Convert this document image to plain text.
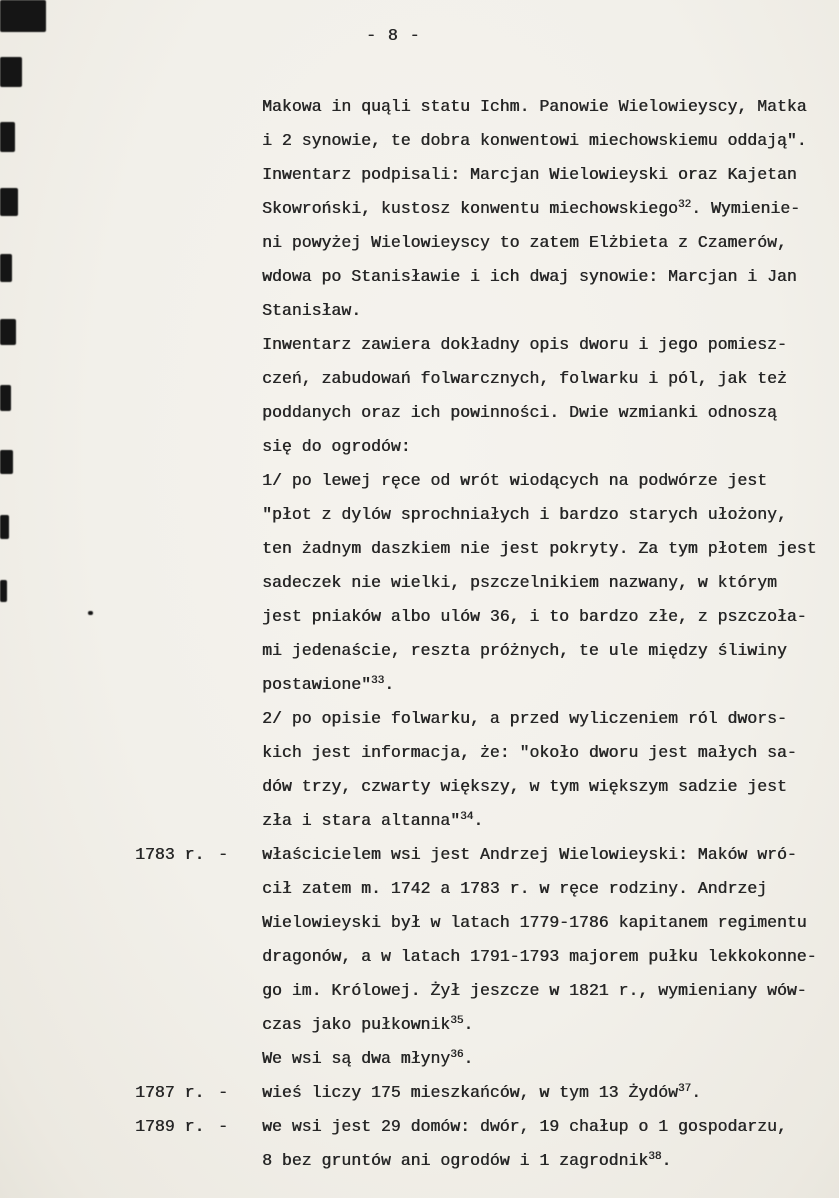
- 8 -
Makowa in quąli statu Ichm. Panowie Wielowieyscy, Matka
i 2 synowie, te dobra konwentowi miechowskiemu oddają".
Inwentarz podpisali: Marcjan Wielowieyski oraz Kajetan
Skowroński, kustosz konwentu miechowskiego$^{32}$. Wymienie-
ni powyżej Wielowieyscy to zatem Elżbieta z Czamerów,
wdowa po Stanisławie i ich dwaj synowie: Marcjan i Jan
Stanisław.
Inwentarz zawiera dokładny opis dworu i jego pomiesz-
czeń, zabudowań folwarcznych, folwarku i pól, jak też
poddanych oraz ich powinności. Dwie wzmianki odnoszą
się do ogrodów:
1/ po lewej ręce od wrót wiodących na podwórze jest
"płot z dylów sprochniałych i bardzo starych ułożony,
ten żadnym daszkiem nie jest pokryty. Za tym płotem jest
sadeczek nie wielki, pszczelnikiem nazwany, w którym
jest pniaków albo ulów 36, i to bardzo złe, z pszczoła-
mi jedenaście, reszta próżnych, te ule między śliwiny
postawione"$^{33}$.
2/ po opisie folwarku, a przed wyliczeniem ról dwors-
kich jest informacja, że: "około dworu jest małych sa-
dów trzy, czwarty większy, w tym większym sadzie jest
zła i stara altanna"$^{34}$.
1783 r. -	właścicielem wsi jest Andrzej Wielowieyski: Maków wró-
cił zatem m. 1742 a 1783 r. w ręce rodziny. Andrzej
Wielowieyski był w latach 1779-1786 kapitanem regimentu
dragonów, a w latach 1791-1793 majorem pułku lekkokonne-
go im. Królowej. Żył jeszcze w 1821 r., wymieniany wów-
czas jako pułkownik$^{35}$.
We wsi są dwa młyny$^{36}$.
1787 r. -	wieś liczy 175 mieszkańców, w tym 13 Żydów$^{37}$.
1789 r. -	we wsi jest 29 domów: dwór, 19 chałup o 1 gospodarzu,
8 bez gruntów ani ogrodów i 1 zagrodnik$^{38}$.
